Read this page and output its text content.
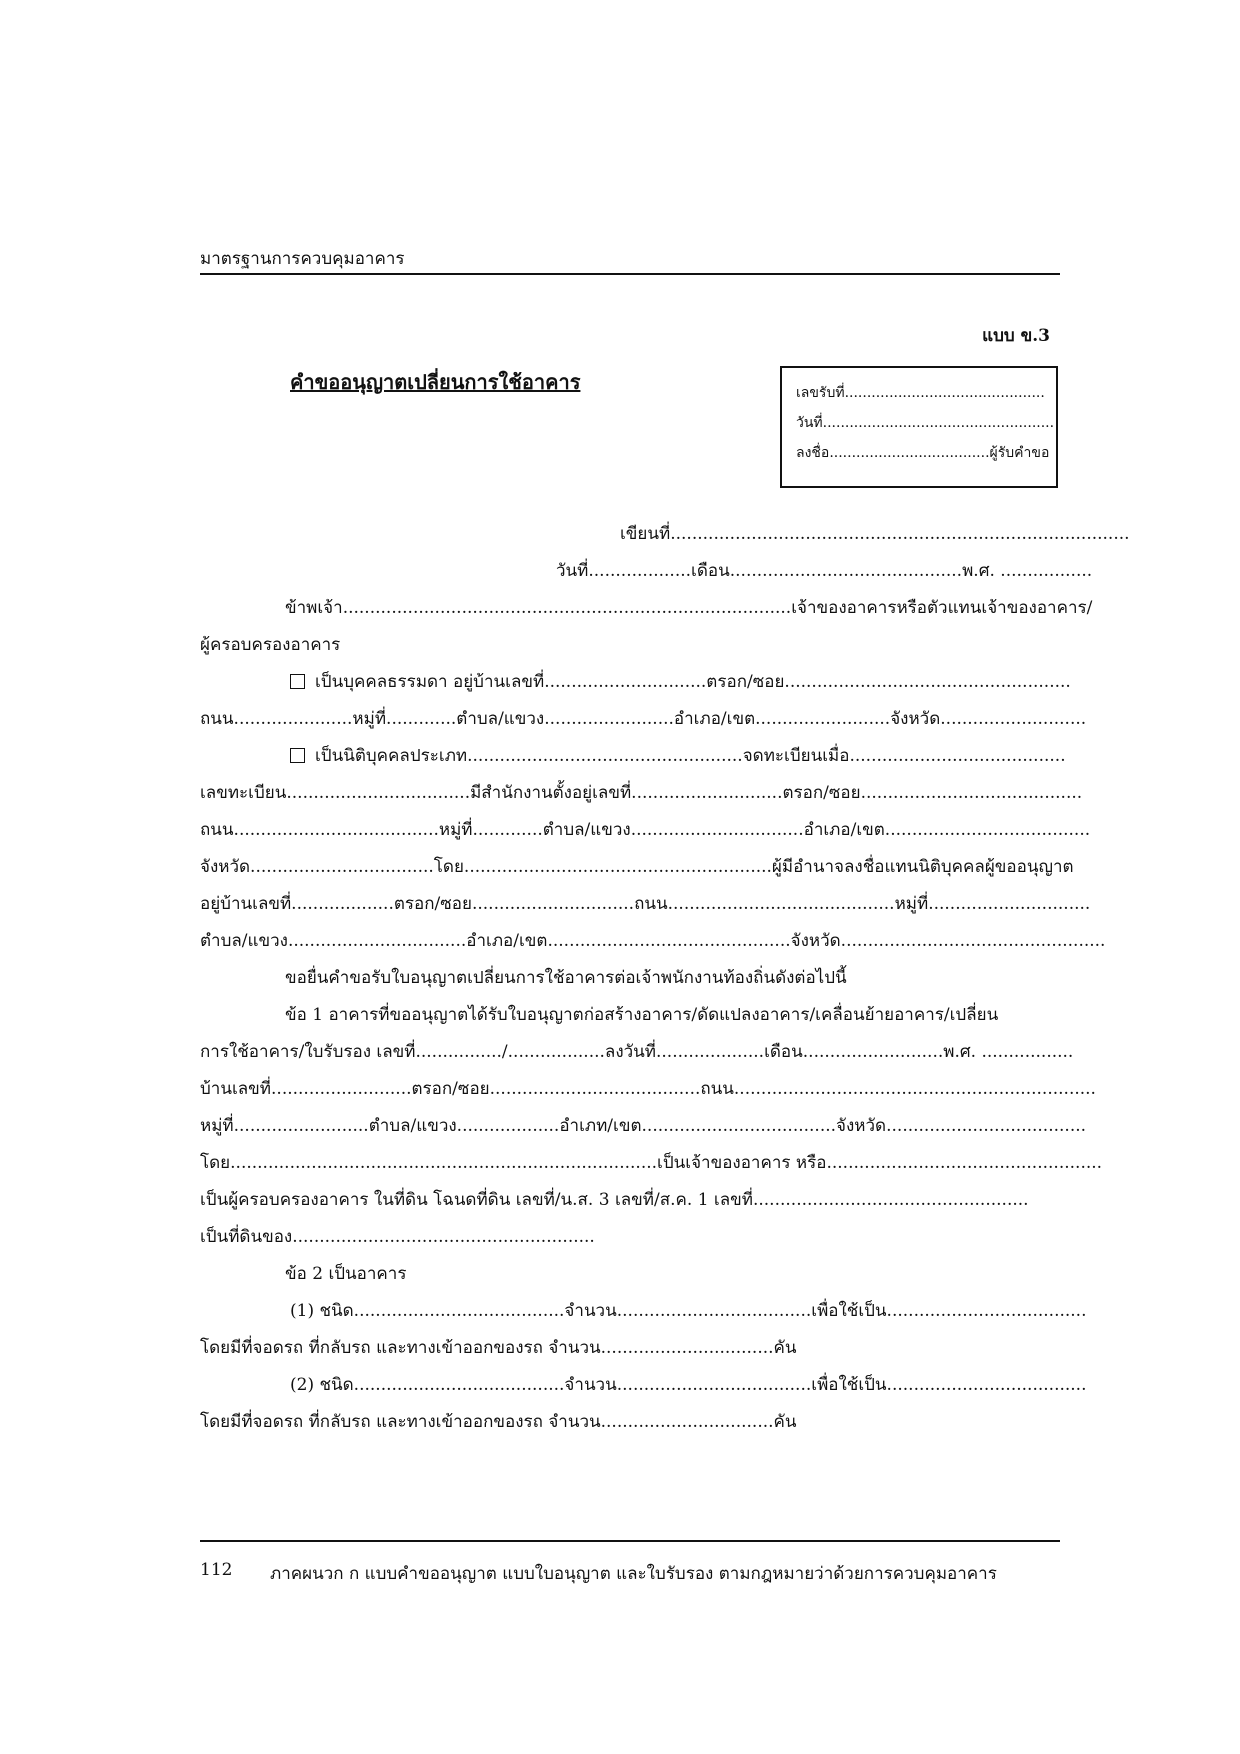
มาตรฐานการควบคุมอาคาร
แบบ ข.3
คำขออนุญาตเปลี่ยนการใช้อาคาร	เลขรับที่.............................................
วันที่....................................................
ลงชื่อ....................................ผู้รับคำขอ
เขียนที่.....................................................................................
วันที่...................เดือน...........................................พ.ศ. .................
ข้าพเจ้า...................................................................................เจ้าของอาคารหรือตัวแทนเจ้าของอาคาร/
ผู้ครอบครองอาคาร
เป็นบุคคลธรรมดา อยู่บ้านเลขที่..............................ตรอก/ซอย.....................................................
ถนน......................หมู่ที่.............ตำบล/แขวง........................อำเภอ/เขต.........................จังหวัด...........................
เป็นนิติบุคคลประเภท...................................................จดทะเบียนเมื่อ........................................
เลขทะเบียน..................................มีสำนักงานตั้งอยู่เลขที่............................ตรอก/ซอย.........................................
ถนน......................................หมู่ที่.............ตำบล/แขวง................................อำเภอ/เขต......................................
จังหวัด..................................โดย.........................................................ผู้มีอำนาจลงชื่อแทนนิติบุคคลผู้ขออนุญาต
อยู่บ้านเลขที่...................ตรอก/ซอย..............................ถนน..........................................หมู่ที่..............................
ตำบล/แขวง.................................อำเภอ/เขต.............................................จังหวัด.................................................
ขอยื่นคำขอรับใบอนุญาตเปลี่ยนการใช้อาคารต่อเจ้าพนักงานท้องถิ่นดังต่อไปนี้
ข้อ 1 อาคารที่ขออนุญาตได้รับใบอนุญาตก่อสร้างอาคาร/ดัดแปลงอาคาร/เคลื่อนย้ายอาคาร/เปลี่ยน
การใช้อาคาร/ใบรับรอง เลขที่................/..................ลงวันที่....................เดือน..........................พ.ศ. .................
บ้านเลขที่..........................ตรอก/ซอย.......................................ถนน...................................................................
หมู่ที่.........................ตำบล/แขวง...................อำเภท/เขต....................................จังหวัด.....................................
โดย...............................................................................เป็นเจ้าของอาคาร หรือ...................................................
เป็นผู้ครอบครองอาคาร ในที่ดิน โฉนดที่ดิน เลขที่/น.ส. 3 เลขที่/ส.ค. 1 เลขที่...................................................
เป็นที่ดินของ........................................................
ข้อ 2 เป็นอาคาร
(1) ชนิด.......................................จำนวน....................................เพื่อใช้เป็น.....................................
โดยมีที่จอดรถ ที่กลับรถ และทางเข้าออกของรถ จำนวน................................คัน
(2) ชนิด.......................................จำนวน....................................เพื่อใช้เป็น.....................................
โดยมีที่จอดรถ ที่กลับรถ และทางเข้าออกของรถ จำนวน................................คัน
112 ภาคผนวก ก แบบคำขออนุญาต แบบใบอนุญาต และใบรับรอง ตามกฎหมายว่าด้วยการควบคุมอาคาร
